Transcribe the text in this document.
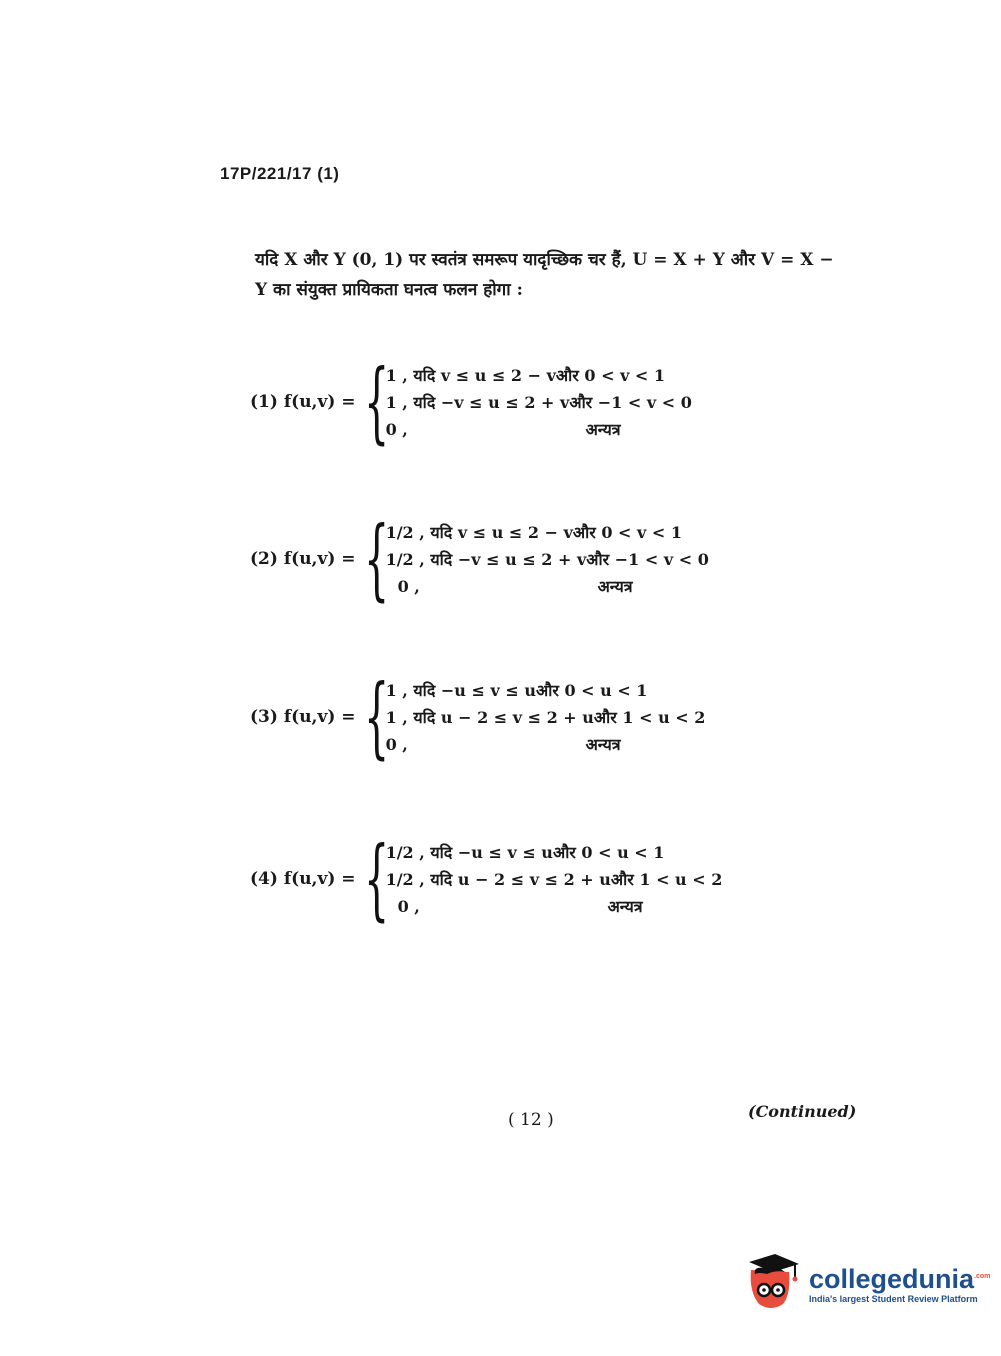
17P/221/17 (1)
यदि X और Y (0, 1) पर स्वतंत्र समरूप यादृच्छिक चर हैं, U = X + Y और V = X − Y का संयुक्त प्रायिकता घनत्व फलन होगा :
(1) f(u,v) = {
1 , यदि v ≤ u ≤ 2 − v और 0 < v < 1
1 , यदि −v ≤ u ≤ 2 + v और −1 < v < 0
0 ,	अन्यत्र
(2) f(u,v) = {
1/2 , यदि v ≤ u ≤ 2 − v और 0 < v < 1
1/2 , यदि −v ≤ u ≤ 2 + v और −1 < v < 0
0 ,	अन्यत्र
(3) f(u,v) = {
1 , यदि −u ≤ v ≤ u और 0 < u < 1
1 , यदि u − 2 ≤ v ≤ 2 + u और 1 < u < 2
0 ,	अन्यत्र
(4) f(u,v) = {
1/2 , यदि −u ≤ v ≤ u और 0 < u < 1
1/2 , यदि u − 2 ≤ v ≤ 2 + u और 1 < u < 2
0 ,	अन्यत्र
( 12 )	(Continued)
collegedunia$^{.com}$
India's largest Student Review Platform
